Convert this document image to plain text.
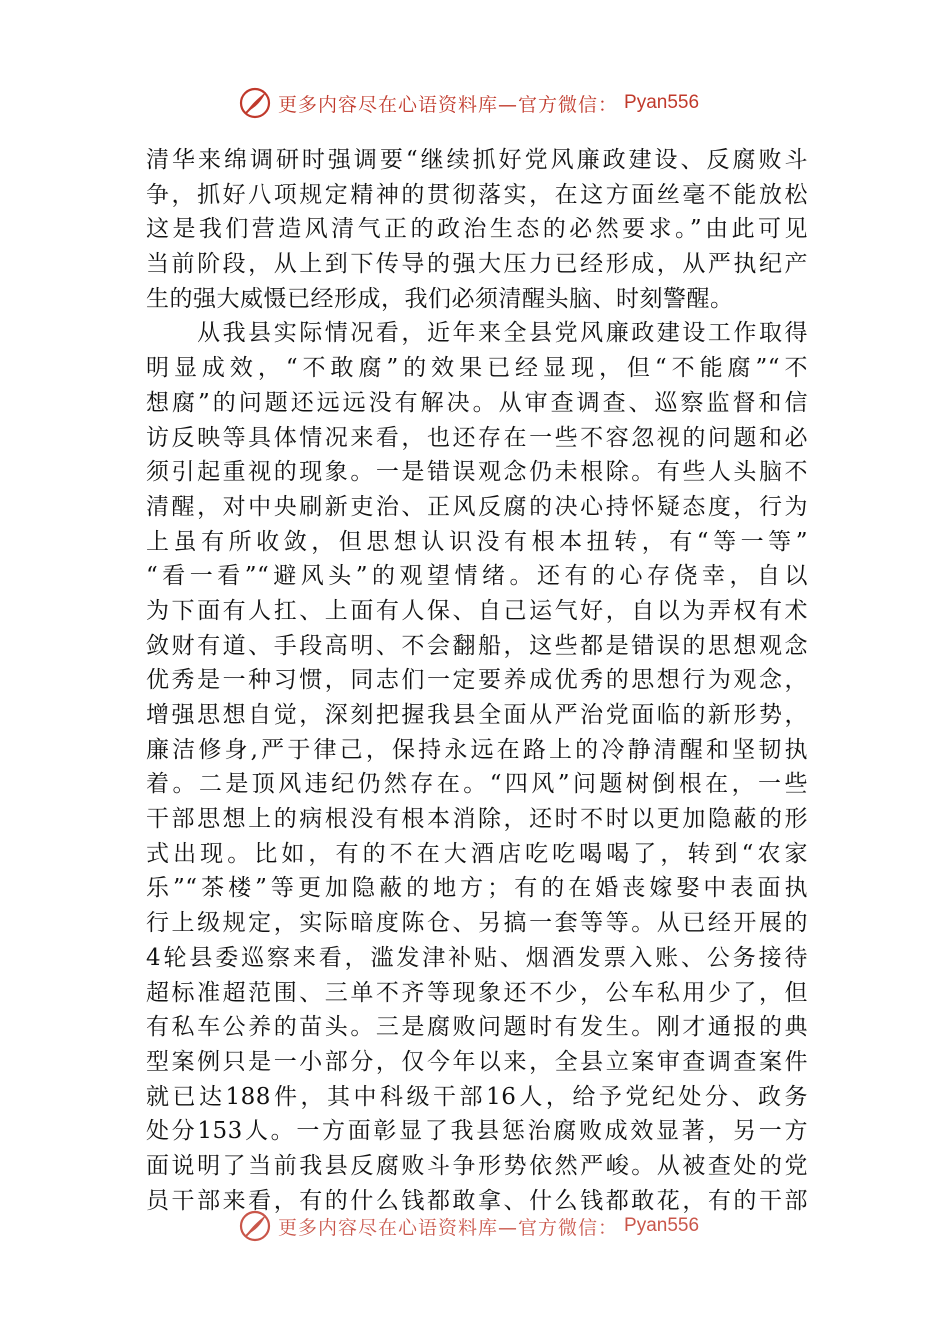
更多内容尽在心语资料库—官方微信： Pyan556
清华来绵调研时强调要“继续抓好党风廉政建设、反腐败斗
争，抓好八项规定精神的贯彻落实，在这方面丝毫不能放松
这是我们营造风清气正的政治生态的必然要求。”由此可见
当前阶段，从上到下传导的强大压力已经形成，从严执纪产
生的强大威慑已经形成，我们必须清醒头脑、时刻警醒。
　　从我县实际情况看，近年来全县党风廉政建设工作取得
明显成效，“不敢腐”的效果已经显现，但“不能腐”“不
想腐”的问题还远远没有解决。从审查调查、巡察监督和信
访反映等具体情况来看，也还存在一些不容忽视的问题和必
须引起重视的现象。一是错误观念仍未根除。有些人头脑不
清醒，对中央刷新吏治、正风反腐的决心持怀疑态度，行为
上虽有所收敛，但思想认识没有根本扭转，有“等一等”
“看一看”“避风头”的观望情绪。还有的心存侥幸，自以
为下面有人扛、上面有人保、自己运气好，自以为弄权有术
敛财有道、手段高明、不会翻船，这些都是错误的思想观念
优秀是一种习惯，同志们一定要养成优秀的思想行为观念，
增强思想自觉，深刻把握我县全面从严治党面临的新形势，
廉洁修身,严于律己，保持永远在路上的冷静清醒和坚韧执
着。二是顶风违纪仍然存在。“四风”问题树倒根在，一些
干部思想上的病根没有根本消除，还时不时以更加隐蔽的形
式出现。比如，有的不在大酒店吃吃喝喝了，转到“农家
乐”“茶楼”等更加隐蔽的地方；有的在婚丧嫁娶中表面执
行上级规定，实际暗度陈仓、另搞一套等等。从已经开展的
4轮县委巡察来看，滥发津补贴、烟酒发票入账、公务接待
超标准超范围、三单不齐等现象还不少，公车私用少了，但
有私车公养的苗头。三是腐败问题时有发生。刚才通报的典
型案例只是一小部分，仅今年以来，全县立案审查调查案件
就已达188件，其中科级干部16人，给予党纪处分、政务
处分153人。一方面彰显了我县惩治腐败成效显著，另一方
面说明了当前我县反腐败斗争形势依然严峻。从被查处的党
员干部来看，有的什么钱都敢拿、什么钱都敢花，有的干部
更多内容尽在心语资料库—官方微信： Pyan556
